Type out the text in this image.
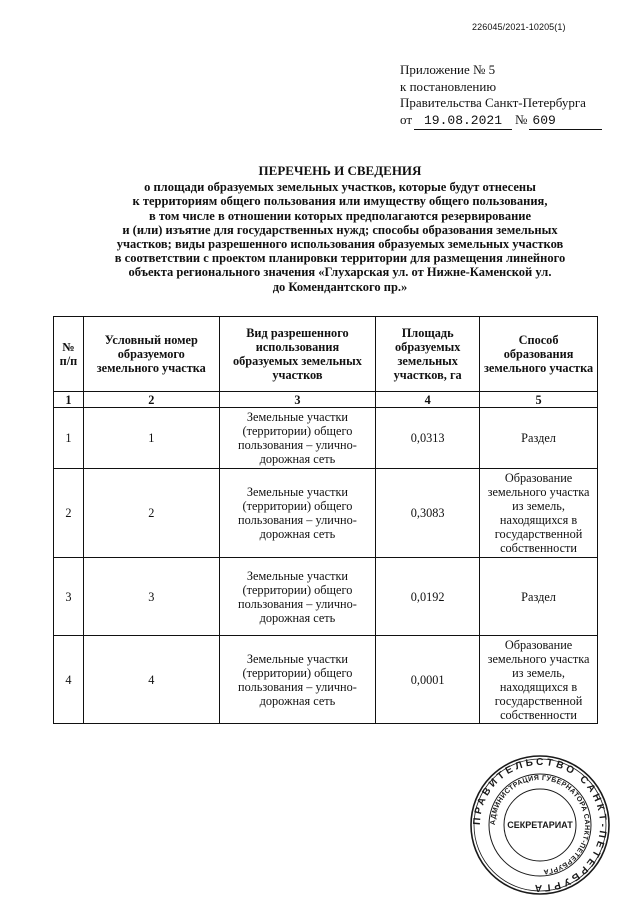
226045/2021-10205(1)
Приложение № 5
к постановлению
Правительства Санкт-Петербурга
от 19.08.2021	№ 609
ПЕРЕЧЕНЬ И СВЕДЕНИЯ
о площади образуемых земельных участков, которые будут отнесены
к территориям общего пользования или имуществу общего пользования,
в том числе в отношении которых предполагаются резервирование
и (или) изъятие для государственных нужд; способы образования земельных
участков; виды разрешенного использования образуемых земельных участков
в соответствии с проектом планировки территории для размещения линейного
объекта регионального значения «Глухарская ул. от Нижне-Каменской ул.
до Комендантского пр.»
№ п/п	Условный номер образуемого земельного участка	Вид разрешенного использования образуемых земельных участков	Площадь образуемых земельных участков, га	Способ образования земельного участка
1	2	3	4	5
1	1	Земельные участки (территории) общего пользования – улично-дорожная сеть	0,0313	Раздел
2	2	Земельные участки (территории) общего пользования – улично-дорожная сеть	0,3083	Образование земельного участка из земель, находящихся в государственной собственности
3	3	Земельные участки (территории) общего пользования – улично-дорожная сеть	0,0192	Раздел
4	4	Земельные участки (территории) общего пользования – улично-дорожная сеть	0,0001	Образование земельного участка из земель, находящихся в государственной собственности
ПРАВИТЕЛЬСТВО САНКТ-ПЕТЕРБУРГА
АДМИНИСТРАЦИЯ ГУБЕРНАТОРА САНКТ-ПЕТЕРБУРГА
СЕКРЕТАРИАТ
